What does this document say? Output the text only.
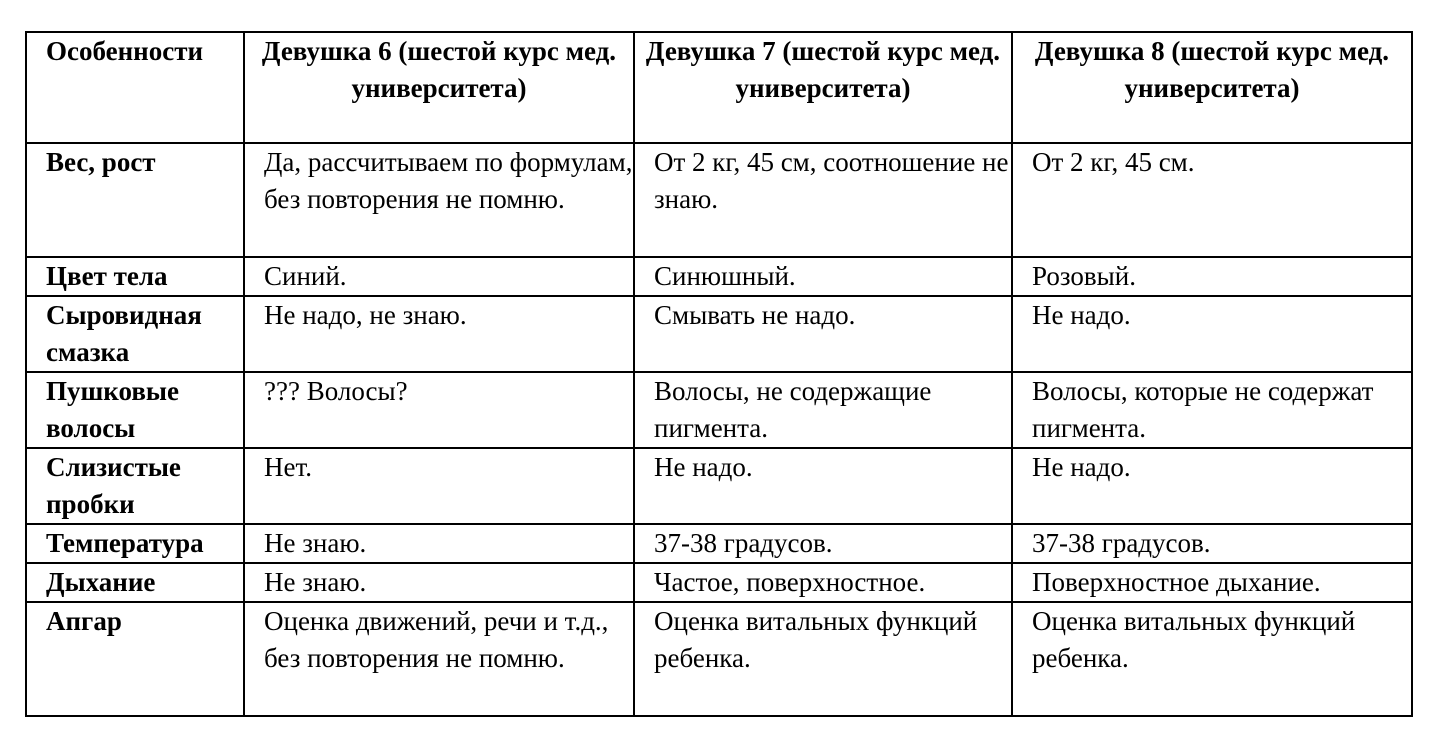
Особенности	Девушка 6 (шестой курс мед. университета)	Девушка 7 (шестой курс мед. университета)	Девушка 8 (шестой курс мед. университета)
Вес, рост	Да, рассчитываем по формулам, без повторения не помню.	От 2 кг, 45 см, соотношение не знаю.	От 2 кг, 45 см.
Цвет тела	Синий.	Синюшный.	Розовый.
Сыровидная смазка	Не надо, не знаю.	Смывать не надо.	Не надо.
Пушковые волосы	??? Волосы?	Волосы, не содержащие пигмента.	Волосы, которые не содержат пигмента.
Слизистые пробки	Нет.	Не надо.	Не надо.
Температура	Не знаю.	37-38 градусов.	37-38 градусов.
Дыхание	Не знаю.	Частое, поверхностное.	Поверхностное дыхание.
Апгар	Оценка движений, речи и т.д., без повторения не помню.	Оценка витальных функций ребенка.	Оценка витальных функций ребенка.
